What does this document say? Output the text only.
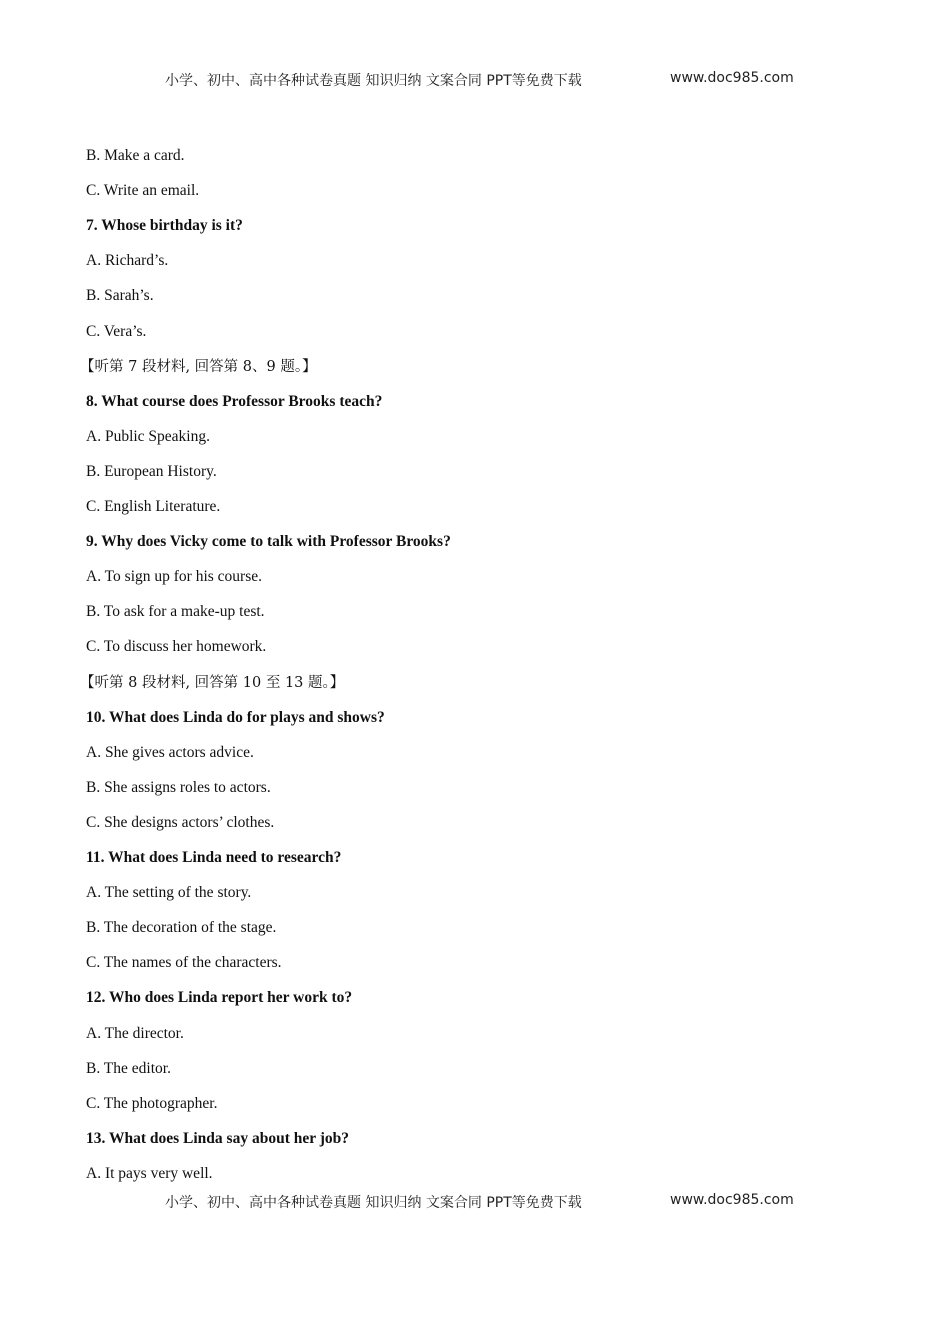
小学、初中、高中各种试卷真题 知识归纳 文案合同 PPT等免费下载	www.doc985.com
B. Make a card.
C. Write an email.
7. Whose birthday is it?
A. Richard’s.
B. Sarah’s.
C. Vera’s.
【听第 7 段材料, 回答第 8、9 题。】
8. What course does Professor Brooks teach?
A. Public Speaking.
B. European History.
C. English Literature.
9. Why does Vicky come to talk with Professor Brooks?
A. To sign up for his course.
B. To ask for a make-up test.
C. To discuss her homework.
【听第 8 段材料, 回答第 10 至 13 题。】
10. What does Linda do for plays and shows?
A. She gives actors advice.
B. She assigns roles to actors.
C. She designs actors’ clothes.
11. What does Linda need to research?
A. The setting of the story.
B. The decoration of the stage.
C. The names of the characters.
12. Who does Linda report her work to?
A. The director.
B. The editor.
C. The photographer.
13. What does Linda say about her job?
A. It pays very well.
小学、初中、高中各种试卷真题 知识归纳 文案合同 PPT等免费下载	www.doc985.com
